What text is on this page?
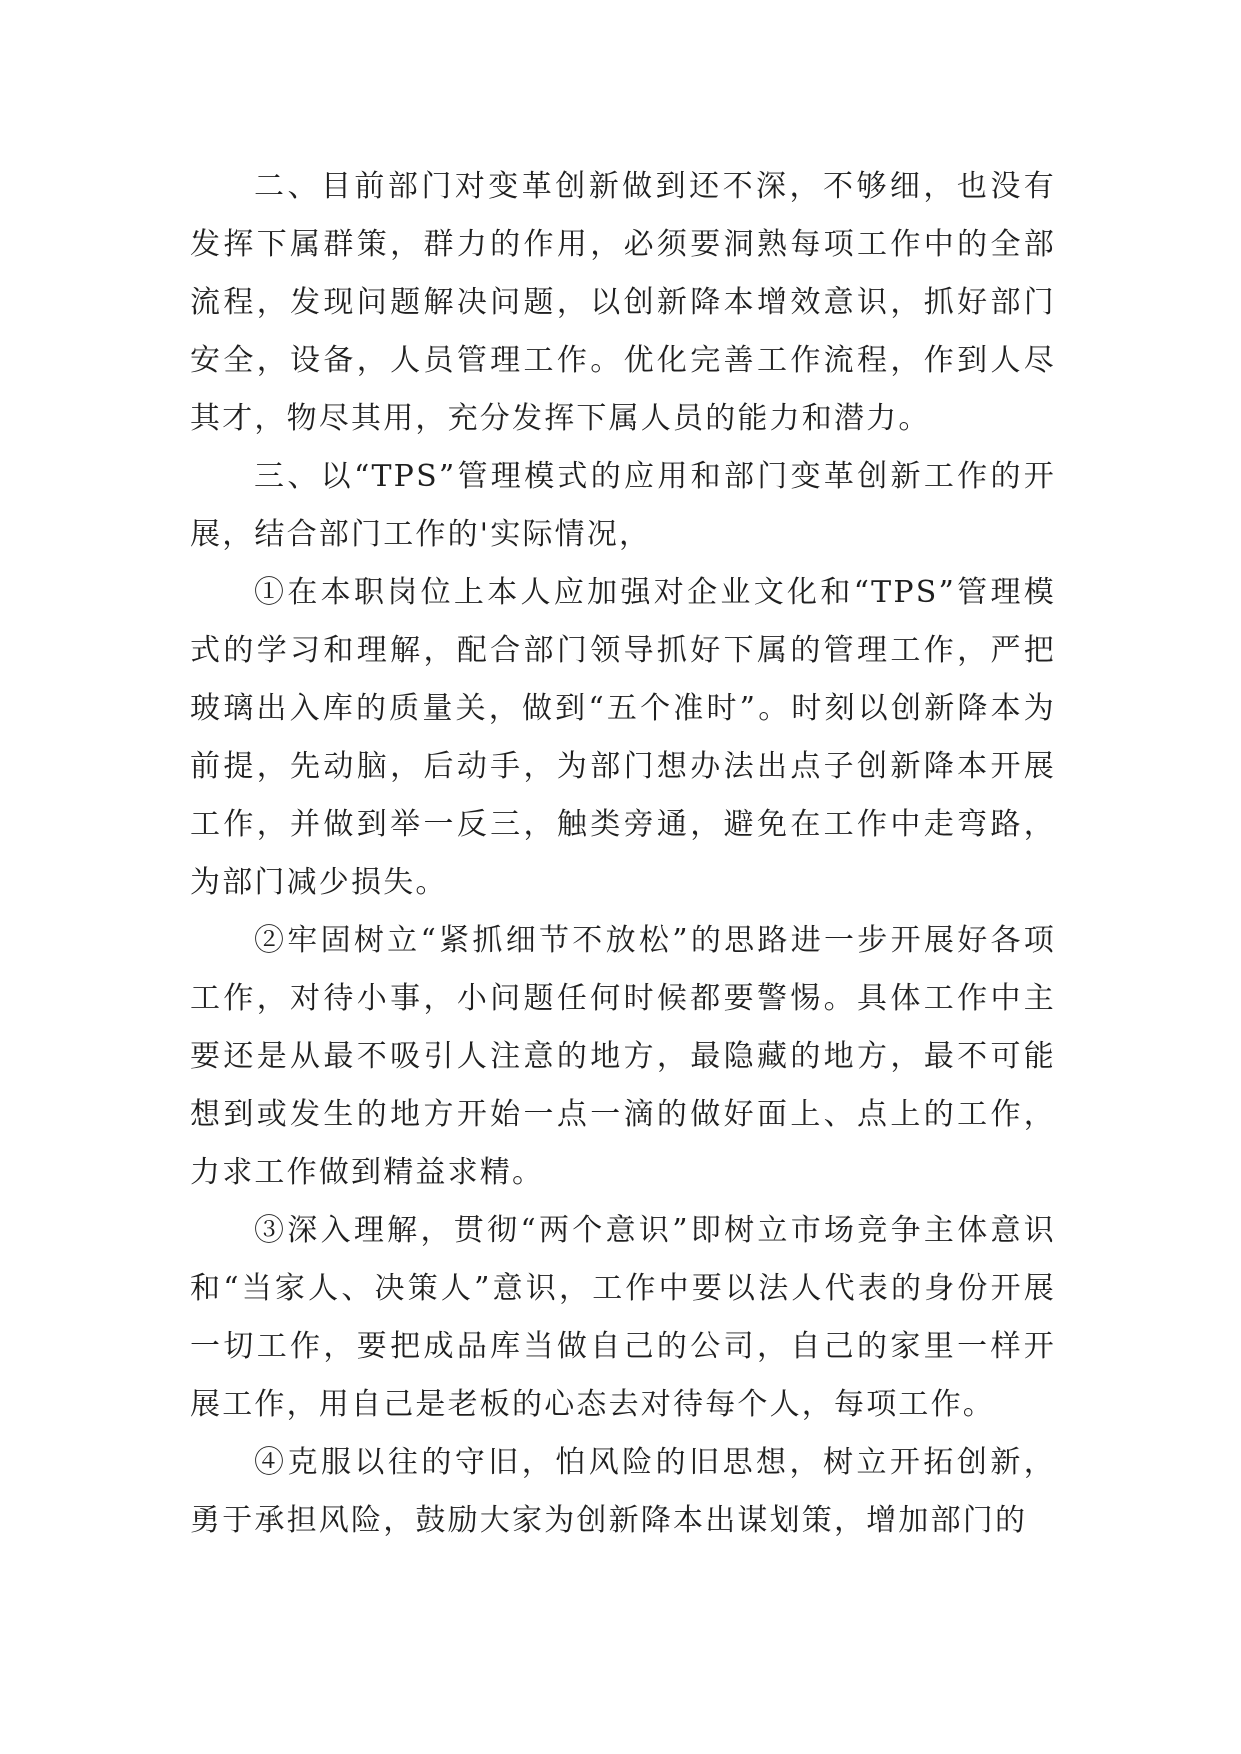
二、目前部门对变革创新做到还不深，不够细，也没有发挥下属群策，群力的作用，必须要洞熟每项工作中的全部流程，发现问题解决问题，以创新降本增效意识，抓好部门安全，设备，人员管理工作。优化完善工作流程，作到人尽其才，物尽其用，充分发挥下属人员的能力和潜力。

三、以“TPS”管理模式的应用和部门变革创新工作的开展，结合部门工作的'实际情况，

①在本职岗位上本人应加强对企业文化和“TPS”管理模式的学习和理解，配合部门领导抓好下属的管理工作，严把玻璃出入库的质量关，做到“五个准时”。时刻以创新降本为前提，先动脑，后动手，为部门想办法出点子创新降本开展工作，并做到举一反三，触类旁通，避免在工作中走弯路，为部门减少损失。

②牢固树立“紧抓细节不放松”的思路进一步开展好各项工作，对待小事，小问题任何时候都要警惕。具体工作中主要还是从最不吸引人注意的地方，最隐藏的地方，最不可能想到或发生的地方开始一点一滴的做好面上、点上的工作，力求工作做到精益求精。

③深入理解，贯彻“两个意识”即树立市场竞争主体意识和“当家人、决策人”意识，工作中要以法人代表的身份开展一切工作，要把成品库当做自己的公司，自己的家里一样开展工作，用自己是老板的心态去对待每个人，每项工作。

④克服以往的守旧，怕风险的旧思想，树立开拓创新，勇于承担风险，鼓励大家为创新降本出谋划策，增加部门的
